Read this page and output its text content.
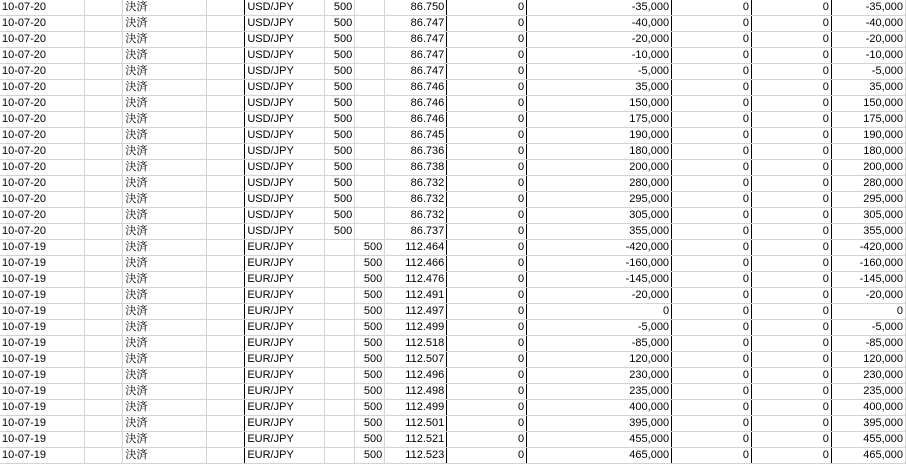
10-07-20		決済		USD/JPY	500		86.750	0	-35,000	0	0	-35,000
10-07-20		決済		USD/JPY	500		86.747	0	-40,000	0	0	-40,000
10-07-20		決済		USD/JPY	500		86.747	0	-20,000	0	0	-20,000
10-07-20		決済		USD/JPY	500		86.747	0	-10,000	0	0	-10,000
10-07-20		決済		USD/JPY	500		86.747	0	-5,000	0	0	-5,000
10-07-20		決済		USD/JPY	500		86.746	0	35,000	0	0	35,000
10-07-20		決済		USD/JPY	500		86.746	0	150,000	0	0	150,000
10-07-20		決済		USD/JPY	500		86.746	0	175,000	0	0	175,000
10-07-20		決済		USD/JPY	500		86.745	0	190,000	0	0	190,000
10-07-20		決済		USD/JPY	500		86.736	0	180,000	0	0	180,000
10-07-20		決済		USD/JPY	500		86.738	0	200,000	0	0	200,000
10-07-20		決済		USD/JPY	500		86.732	0	280,000	0	0	280,000
10-07-20		決済		USD/JPY	500		86.732	0	295,000	0	0	295,000
10-07-20		決済		USD/JPY	500		86.732	0	305,000	0	0	305,000
10-07-20		決済		USD/JPY	500		86.737	0	355,000	0	0	355,000
10-07-19		決済		EUR/JPY		500	112.464	0	-420,000	0	0	-420,000
10-07-19		決済		EUR/JPY		500	112.466	0	-160,000	0	0	-160,000
10-07-19		決済		EUR/JPY		500	112.476	0	-145,000	0	0	-145,000
10-07-19		決済		EUR/JPY		500	112.491	0	-20,000	0	0	-20,000
10-07-19		決済		EUR/JPY		500	112.497	0	0	0	0	0
10-07-19		決済		EUR/JPY		500	112.499	0	-5,000	0	0	-5,000
10-07-19		決済		EUR/JPY		500	112.518	0	-85,000	0	0	-85,000
10-07-19		決済		EUR/JPY		500	112.507	0	120,000	0	0	120,000
10-07-19		決済		EUR/JPY		500	112.496	0	230,000	0	0	230,000
10-07-19		決済		EUR/JPY		500	112.498	0	235,000	0	0	235,000
10-07-19		決済		EUR/JPY		500	112.499	0	400,000	0	0	400,000
10-07-19		決済		EUR/JPY		500	112.501	0	395,000	0	0	395,000
10-07-19		決済		EUR/JPY		500	112.521	0	455,000	0	0	455,000
10-07-19		決済		EUR/JPY		500	112.523	0	465,000	0	0	465,000
